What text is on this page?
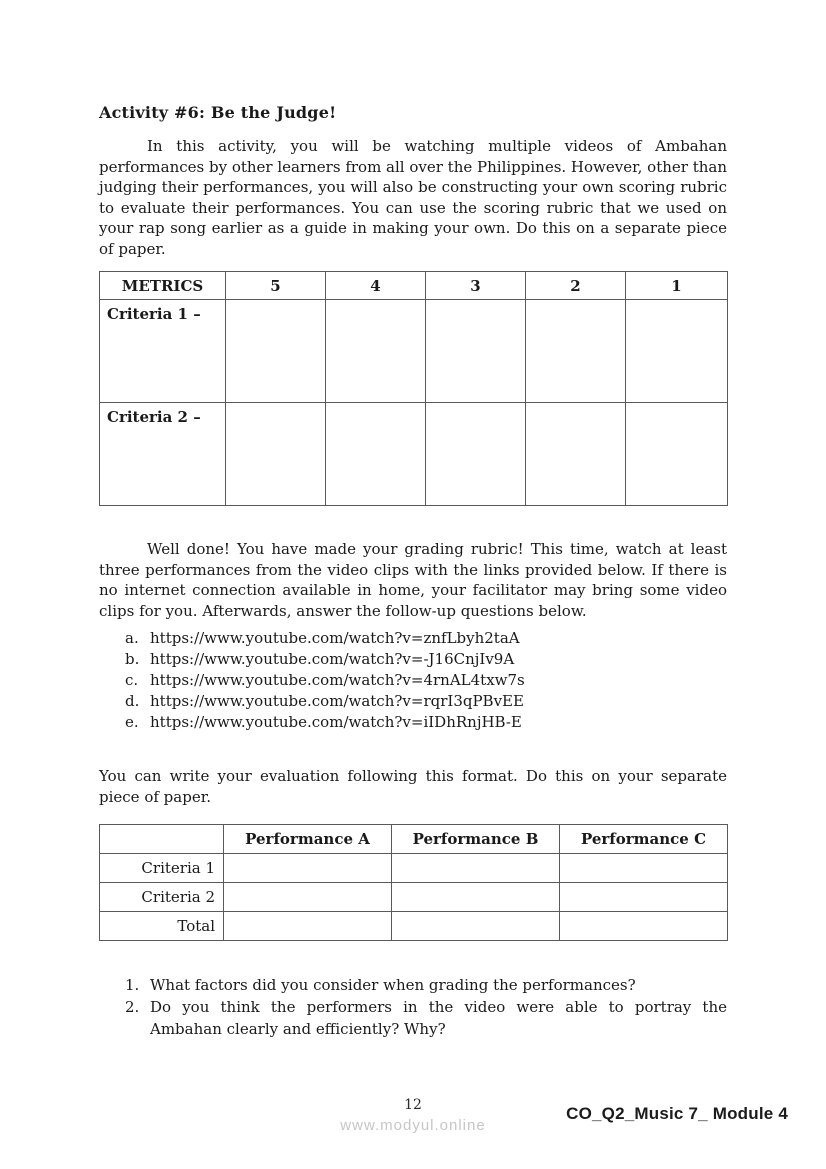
Activity #6: Be the Judge!
In this activity, you will be watching multiple videos of Ambahan performances by other learners from all over the Philippines. However, other than judging their performances, you will also be constructing your own scoring rubric to evaluate their performances. You can use the scoring rubric that we used on your rap song earlier as a guide in making your own. Do this on a separate piece of paper.
METRICS	5	4	3	2	1
Criteria 1 –					
Criteria 2 –					
Well done! You have made your grading rubric! This time, watch at least three performances from the video clips with the links provided below. If there is no internet connection available in home, your facilitator may bring some video clips for you. Afterwards, answer the follow-up questions below.
a. https://www.youtube.com/watch?v=znfLbyh2taA
b. https://www.youtube.com/watch?v=-J16CnjIv9A
c. https://www.youtube.com/watch?v=4rnAL4txw7s
d. https://www.youtube.com/watch?v=rqrI3qPBvEE
e. https://www.youtube.com/watch?v=iIDhRnjHB-E
You can write your evaluation following this format. Do this on your separate piece of paper.
	Performance A	Performance B	Performance C
Criteria 1			
Criteria 2			
Total			
1. What factors did you consider when grading the performances?
2. Do you think the performers in the video were able to portray the Ambahan clearly and efficiently? Why?
12
www.modyul.online
CO_Q2_Music 7_ Module 4
